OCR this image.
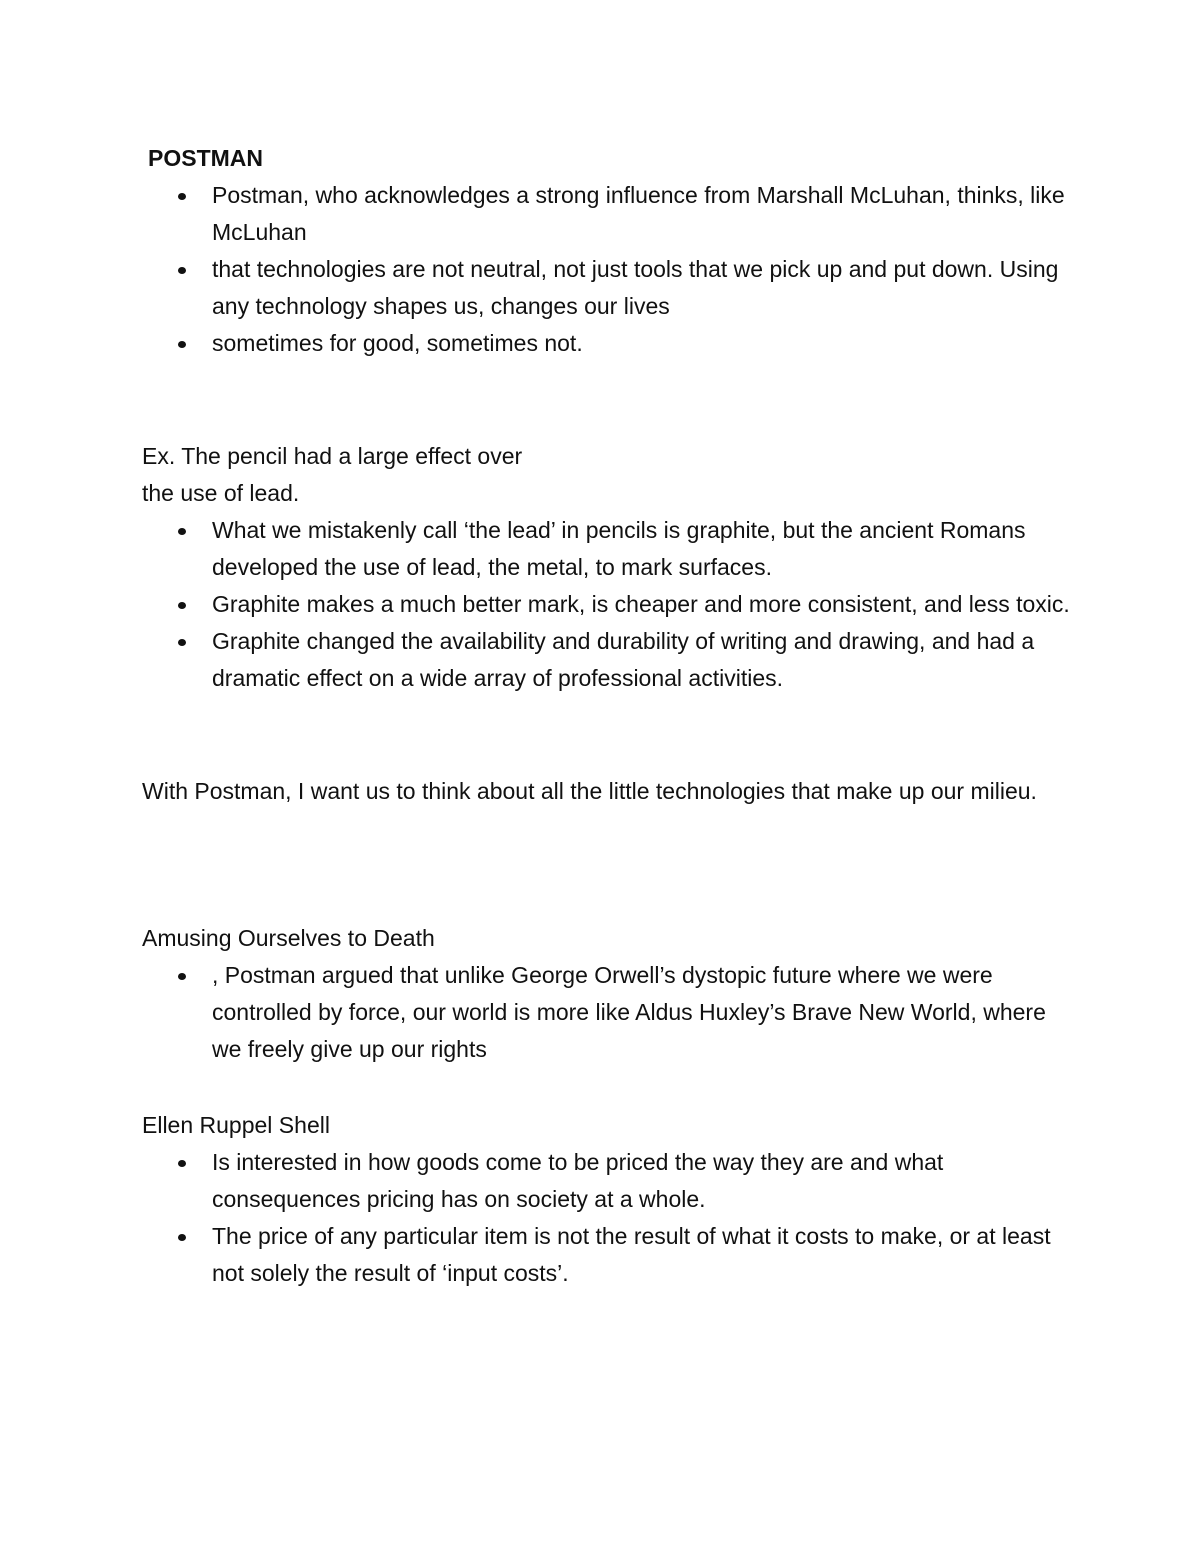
POSTMAN
Postman, who acknowledges a strong influence from Marshall McLuhan, thinks, like McLuhan
that technologies are not neutral, not just tools that we pick up and put down. Using any technology shapes us, changes our lives
sometimes for good, sometimes not.
Ex. The pencil had a large effect over
the use of lead.
What we mistakenly call ‘the lead’ in pencils is graphite, but the ancient Romans developed the use of lead, the metal, to mark surfaces.
Graphite makes a much better mark, is cheaper and more consistent, and less toxic.
Graphite changed the availability and durability of writing and drawing, and had a dramatic effect on a wide array of professional activities.

With Postman, I want us to think about all the little technologies that make up our milieu.

Amusing Ourselves to Death
, Postman argued that unlike George Orwell’s dystopic future where we were controlled by force, our world is more like Aldus Huxley’s Brave New World, where we freely give up our rights
Ellen Ruppel Shell
Is interested in how goods come to be priced the way they are and what consequences pricing has on society at a whole.
The price of any particular item is not the result of what it costs to make, or at least not solely the result of ‘input costs’.
